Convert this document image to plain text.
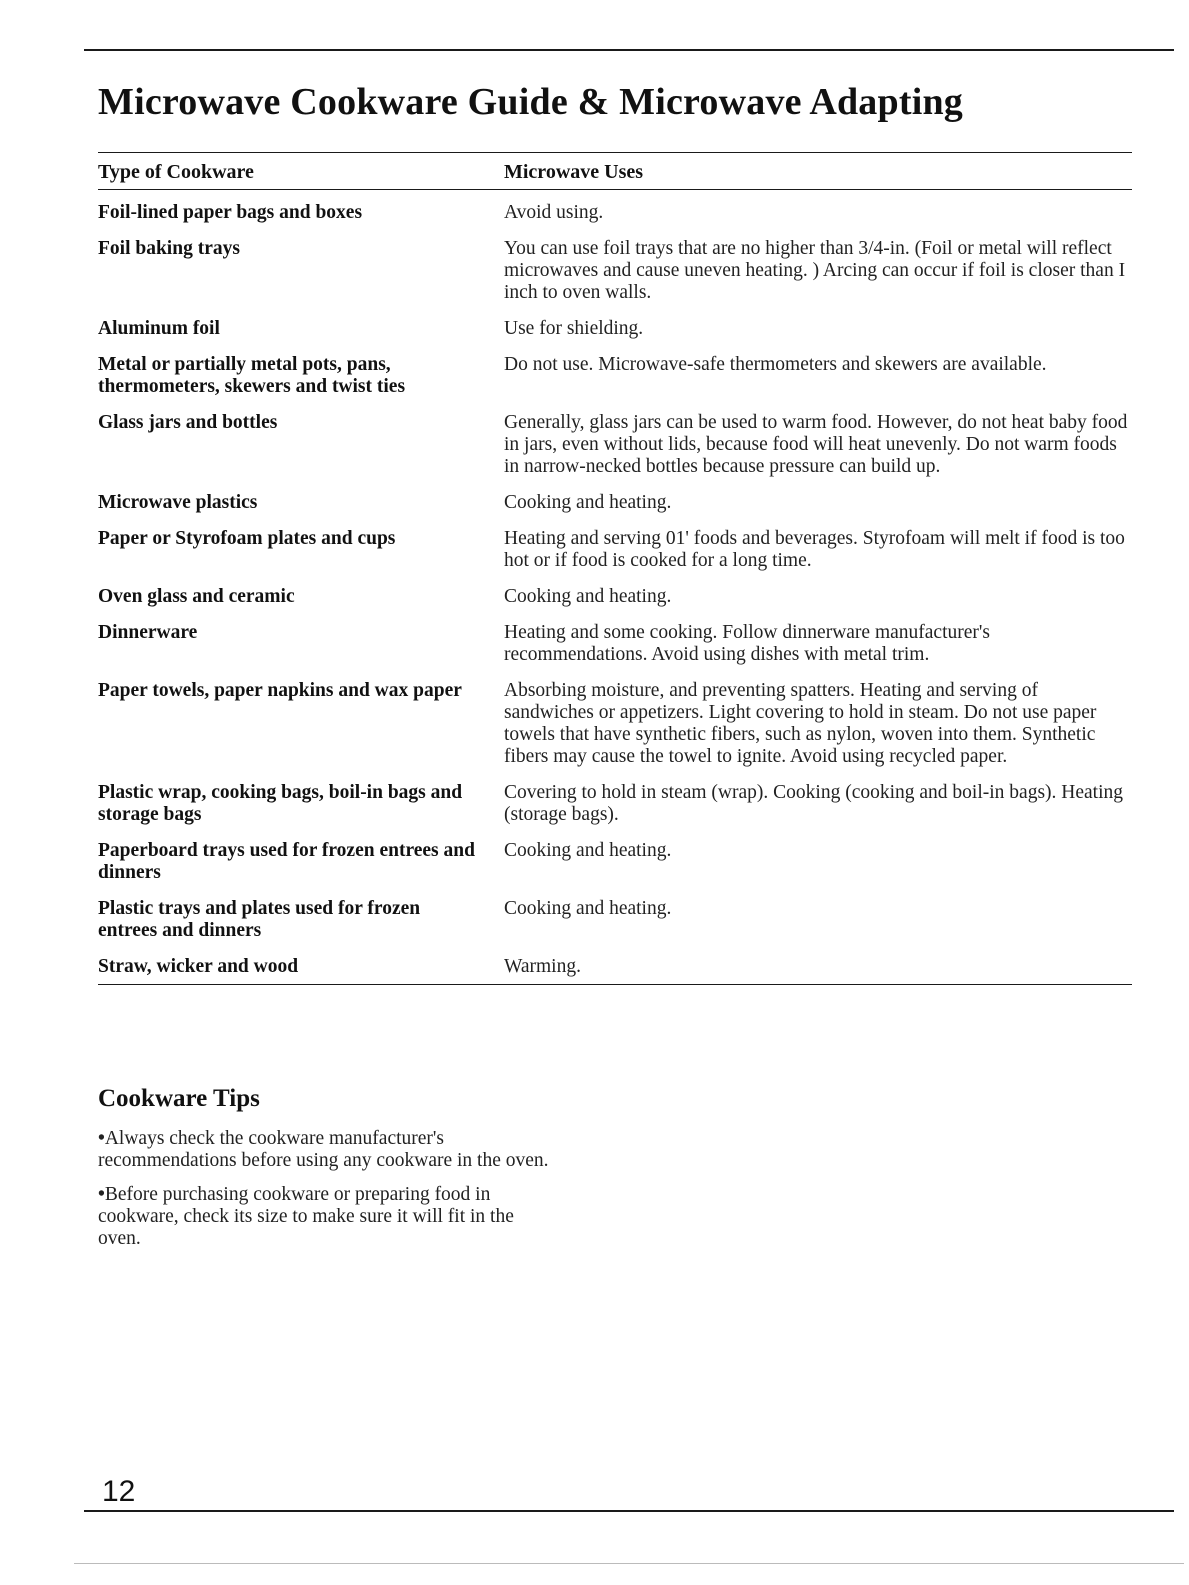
Microwave Cookware Guide & Microwave Adapting
Type of Cookware	Microwave Uses
Foil-lined paper bags and boxes	Avoid using.
Foil baking trays	You can use foil trays that are no higher than 3/4-in. (Foil or metal will reflect microwaves and cause uneven heating. ) Arcing can occur if foil is closer than I inch to oven walls.
Aluminum foil	Use for shielding.
Metal or partially metal pots, pans, thermometers, skewers and twist ties	Do not use. Microwave-safe thermometers and skewers are available.
Glass jars and bottles	Generally, glass jars can be used to warm food. However, do not heat baby food in jars, even without lids, because food will heat unevenly. Do not warm foods in narrow-necked bottles because pressure can build up.
Microwave plastics	Cooking and heating.
Paper or Styrofoam plates and cups	Heating and serving 01' foods and beverages. Styrofoam will melt if food is too hot or if food is cooked for a long time.
Oven glass and ceramic	Cooking and heating.
Dinnerware	Heating and some cooking. Follow dinnerware manufacturer's recommendations. Avoid using dishes with metal trim.
Paper towels, paper napkins and wax paper	Absorbing moisture, and preventing spatters. Heating and serving of sandwiches or appetizers. Light covering to hold in steam. Do not use paper towels that have synthetic fibers, such as nylon, woven into them. Synthetic fibers may cause the towel to ignite. Avoid using recycled paper.
Plastic wrap, cooking bags, boil-in bags and storage bags	Covering to hold in steam (wrap). Cooking (cooking and boil-in bags). Heating (storage bags).
Paperboard trays used for frozen entrees and dinners	Cooking and heating.
Plastic trays and plates used for frozen entrees and dinners	Cooking and heating.
Straw, wicker and wood	Warming.
Cookware Tips
•Always check the cookware manufacturer's recommendations before using any cookware in the oven.
•Before purchasing cookware or preparing food in cookware, check its size to make sure it will fit in the oven.
12
